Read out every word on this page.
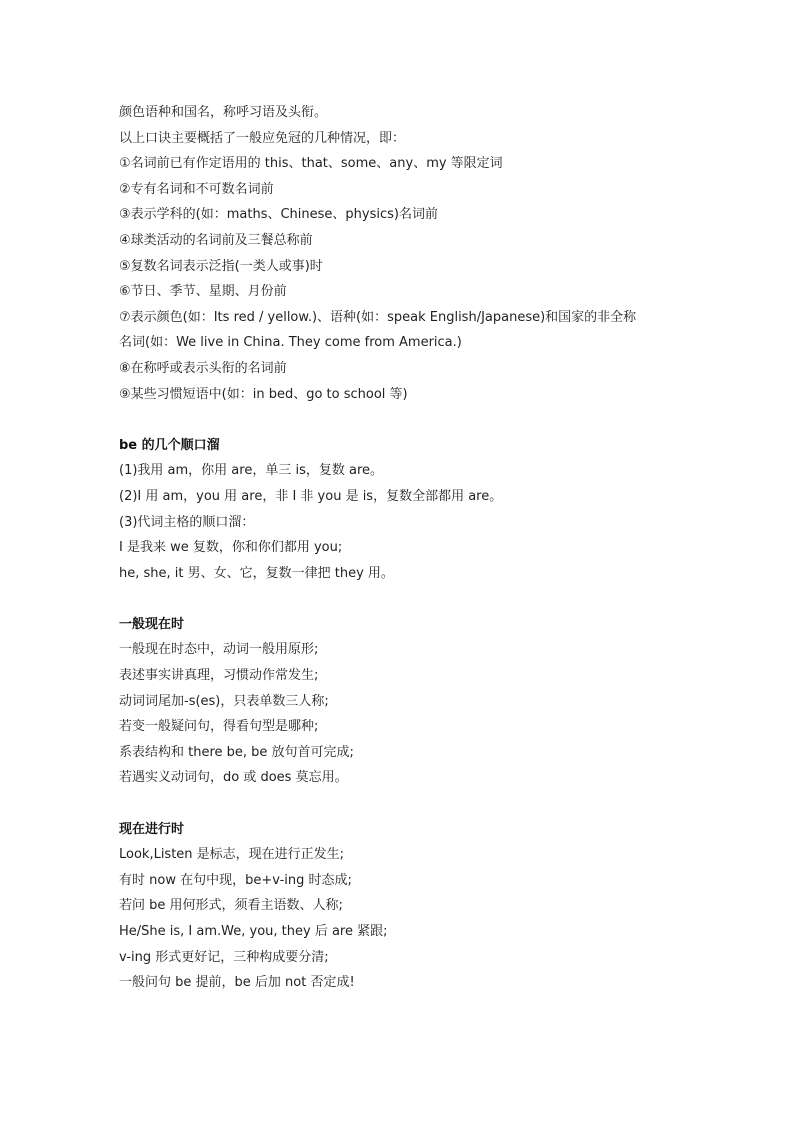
颜色语种和国名，称呼习语及头衔。

以上口诀主要概括了一般应免冠的几种情况，即：

①名词前已有作定语用的 this、that、some、any、my 等限定词

②专有名词和不可数名词前

③表示学科的(如：maths、Chinese、physics)名词前

④球类活动的名词前及三餐总称前

⑤复数名词表示泛指(一类人或事)时

⑥节日、季节、星期、月份前

⑦表示颜色(如：Its red / yellow.)、语种(如：speak English/Japanese)和国家的非全称

名词(如：We live in China. They come from America.)

⑧在称呼或表示头衔的名词前

⑨某些习惯短语中(如：in bed、go to school 等)

be 的几个顺口溜

(1)我用 am，你用 are，单三 is，复数 are。

(2)I 用 am，you 用 are，非 I 非 you 是 is，复数全部都用 are。

(3)代词主格的顺口溜：

I 是我来 we 复数，你和你们都用 you;

he, she, it 男、女、它，复数一律把 they 用。

一般现在时

一般现在时态中，动词一般用原形;

表述事实讲真理，习惯动作常发生;

动词词尾加-s(es)，只表单数三人称;

若变一般疑问句，得看句型是哪种;

系表结构和 there be, be 放句首可完成;

若遇实义动词句，do 或 does 莫忘用。

现在进行时

Look,Listen 是标志，现在进行正发生;

有时 now 在句中现，be+v-ing 时态成;

若问 be 用何形式，须看主语数、人称;

He/She is, I am.We, you, they 后 are 紧跟;

v-ing 形式更好记，三种构成要分清;

一般问句 be 提前，be 后加 not 否定成!
